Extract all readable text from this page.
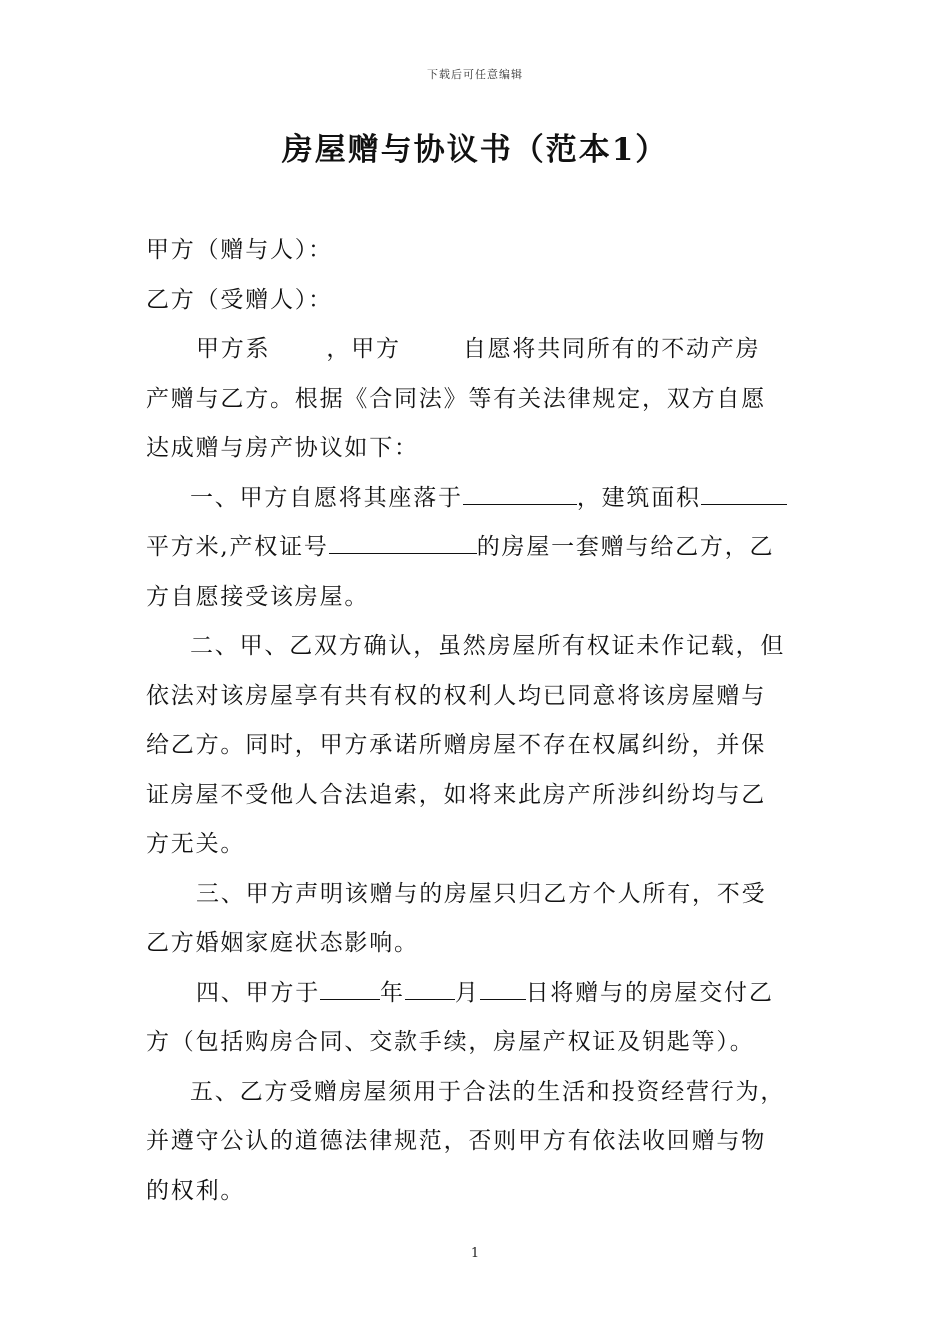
下载后可任意编辑
房屋赠与协议书（范本1）
甲方（赠与人）：
乙方（受赠人）：
甲方系 ，甲方	自愿将共同所有的不动产房
产赠与乙方。根据《合同法》等有关法律规定，双方自愿
达成赠与房产协议如下：
一、甲方自愿将其座落于	，建筑面积
平方米,产权证号	的房屋一套赠与给乙方，乙
方自愿接受该房屋。
二、甲、乙双方确认，虽然房屋所有权证未作记载，但
依法对该房屋享有共有权的权利人均已同意将该房屋赠与
给乙方。同时，甲方承诺所赠房屋不存在权属纠纷，并保
证房屋不受他人合法追索，如将来此房产所涉纠纷均与乙
方无关。
三、甲方声明该赠与的房屋只归乙方个人所有，不受
乙方婚姻家庭状态影响。
四、甲方于	年 月 日将赠与的房屋交付乙
方（包括购房合同、交款手续，房屋产权证及钥匙等）。
五、乙方受赠房屋须用于合法的生活和投资经营行为，
并遵守公认的道德法律规范，否则甲方有依法收回赠与物
的权利。
1
